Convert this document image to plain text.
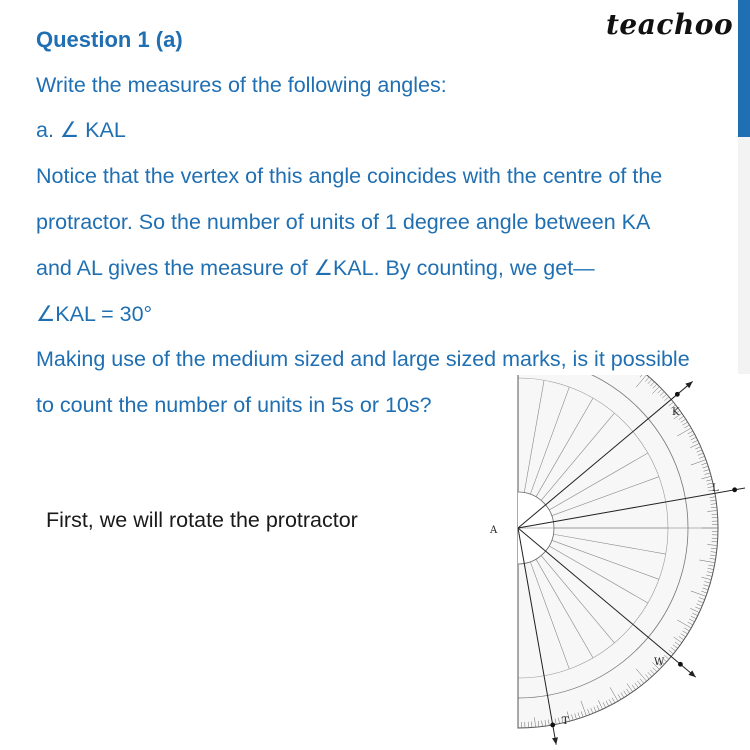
teachoo
Question 1 (a)
Write the measures of the following angles:
a. ∠ KAL
Notice that the vertex of this angle coincides with the centre of the
protractor. So the number of units of 1 degree angle between KA
and AL gives the measure of ∠KAL. By counting, we get—
∠KAL = 30°
Making use of the medium sized and large sized marks, is it possible
to count the number of units in 5s or 10s?
First, we will rotate the protractor	A
K
L
W
T
